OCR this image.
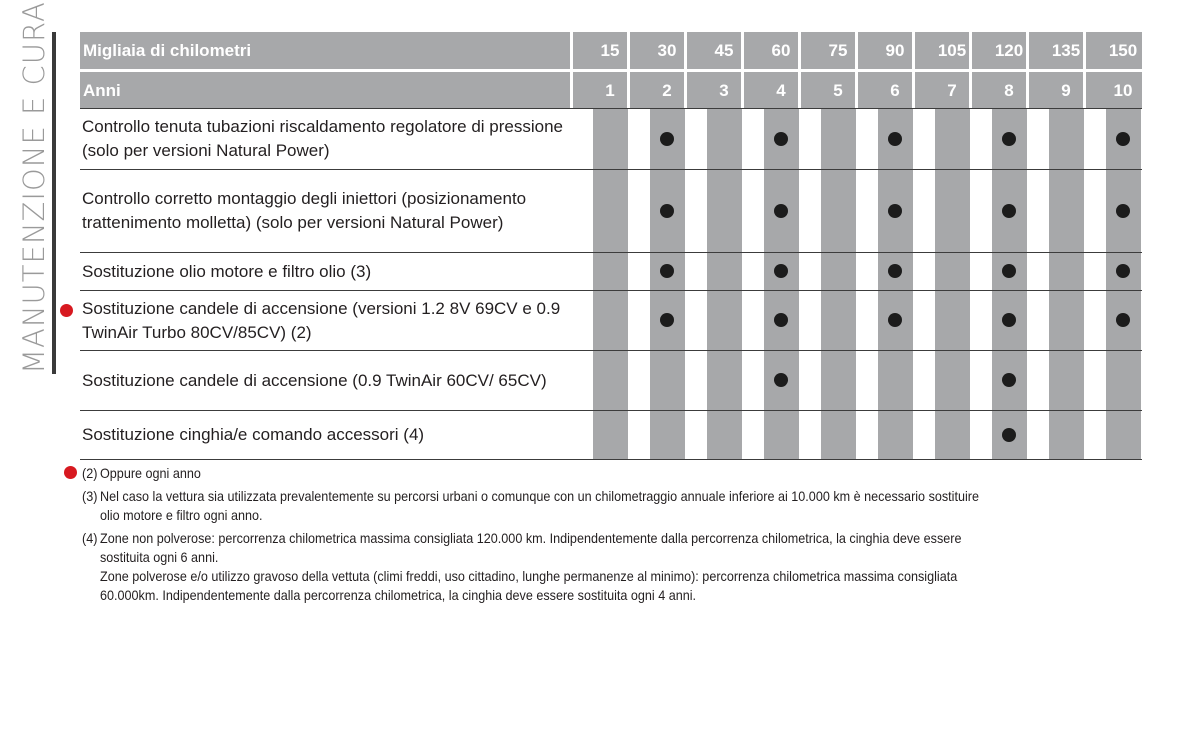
MANUTENZIONE E CURA Migliaia di chilometri
Anni
15
1
30
2
45
3
60
4
75
5
90
6
105
7
120
8
135
9
150
10
Controllo tenuta tubazioni riscaldamento regolatore di pressione (solo per versioni Natural Power)
Controllo corretto montaggio degli iniettori (posizionamento trattenimento molletta) (solo per versioni Natural Power)
Sostituzione olio motore e filtro olio (3)
Sostituzione candele di accensione (versioni 1.2 8V 69CV e 0.9 TwinAir Turbo 80CV/85CV) (2)
Sostituzione candele di accensione (0.9 TwinAir 60CV/ 65CV)
Sostituzione cinghia/e comando accessori (4)
(2) Oppure ogni anno
(3) Nel caso la vettura sia utilizzata prevalentemente su percorsi urbani o comunque con un chilometraggio annuale inferiore ai 10.000 km è necessario sostituire
olio motore e filtro ogni anno.
(4) Zone non polverose: percorrenza chilometrica massima consigliata 120.000 km. Indipendentemente dalla percorrenza chilometrica, la cinghia deve essere
sostituita ogni 6 anni.
Zone polverose e/o utilizzo gravoso della vettuta (climi freddi, uso cittadino, lunghe permanenze al minimo): percorrenza chilometrica massima consigliata
60.000km. Indipendentemente dalla percorrenza chilometrica, la cinghia deve essere sostituita ogni 4 anni.
